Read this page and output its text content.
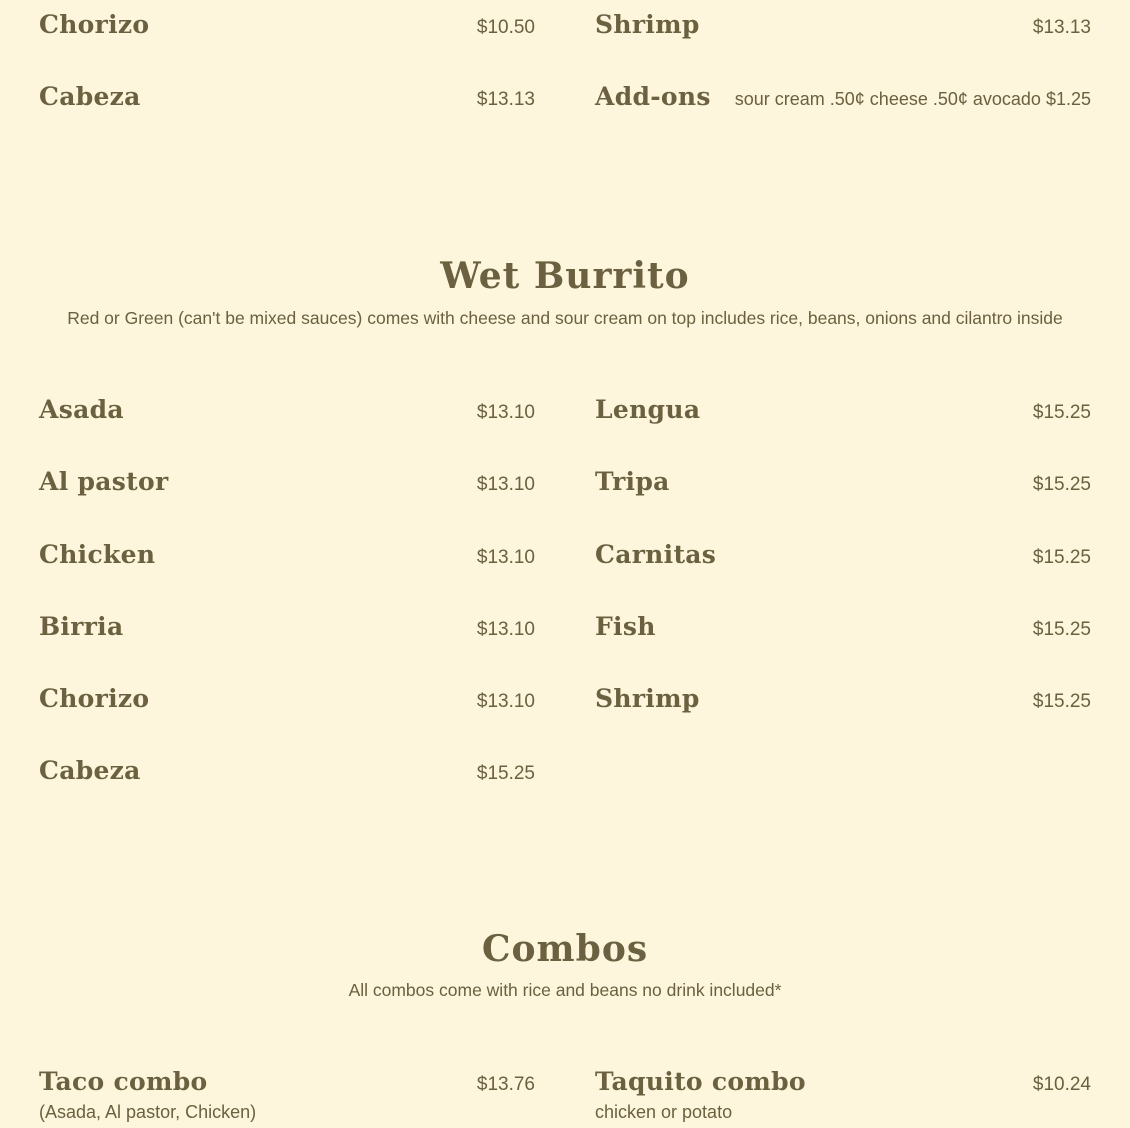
Chorizo	$10.50
Cabeza	$13.13
Shrimp	$13.13
Add-ons sour cream .50¢ cheese .50¢ avocado $1.25
Wet Burrito

Red or Green (can't be mixed sauces) comes with cheese and sour cream on top includes rice, beans, onions and cilantro inside

Asada	$13.10
Al pastor	$13.10
Chicken	$13.10
Birria	$13.10
Chorizo	$13.10
Cabeza	$15.25
Lengua	$15.25
Tripa	$15.25
Carnitas	$15.25
Fish	$15.25
Shrimp	$15.25
Combos

All combos come with rice and beans no drink included*

Taco combo	$13.76
(Asada, Al pastor, Chicken)
Taquito combo	$10.24
chicken or potato
